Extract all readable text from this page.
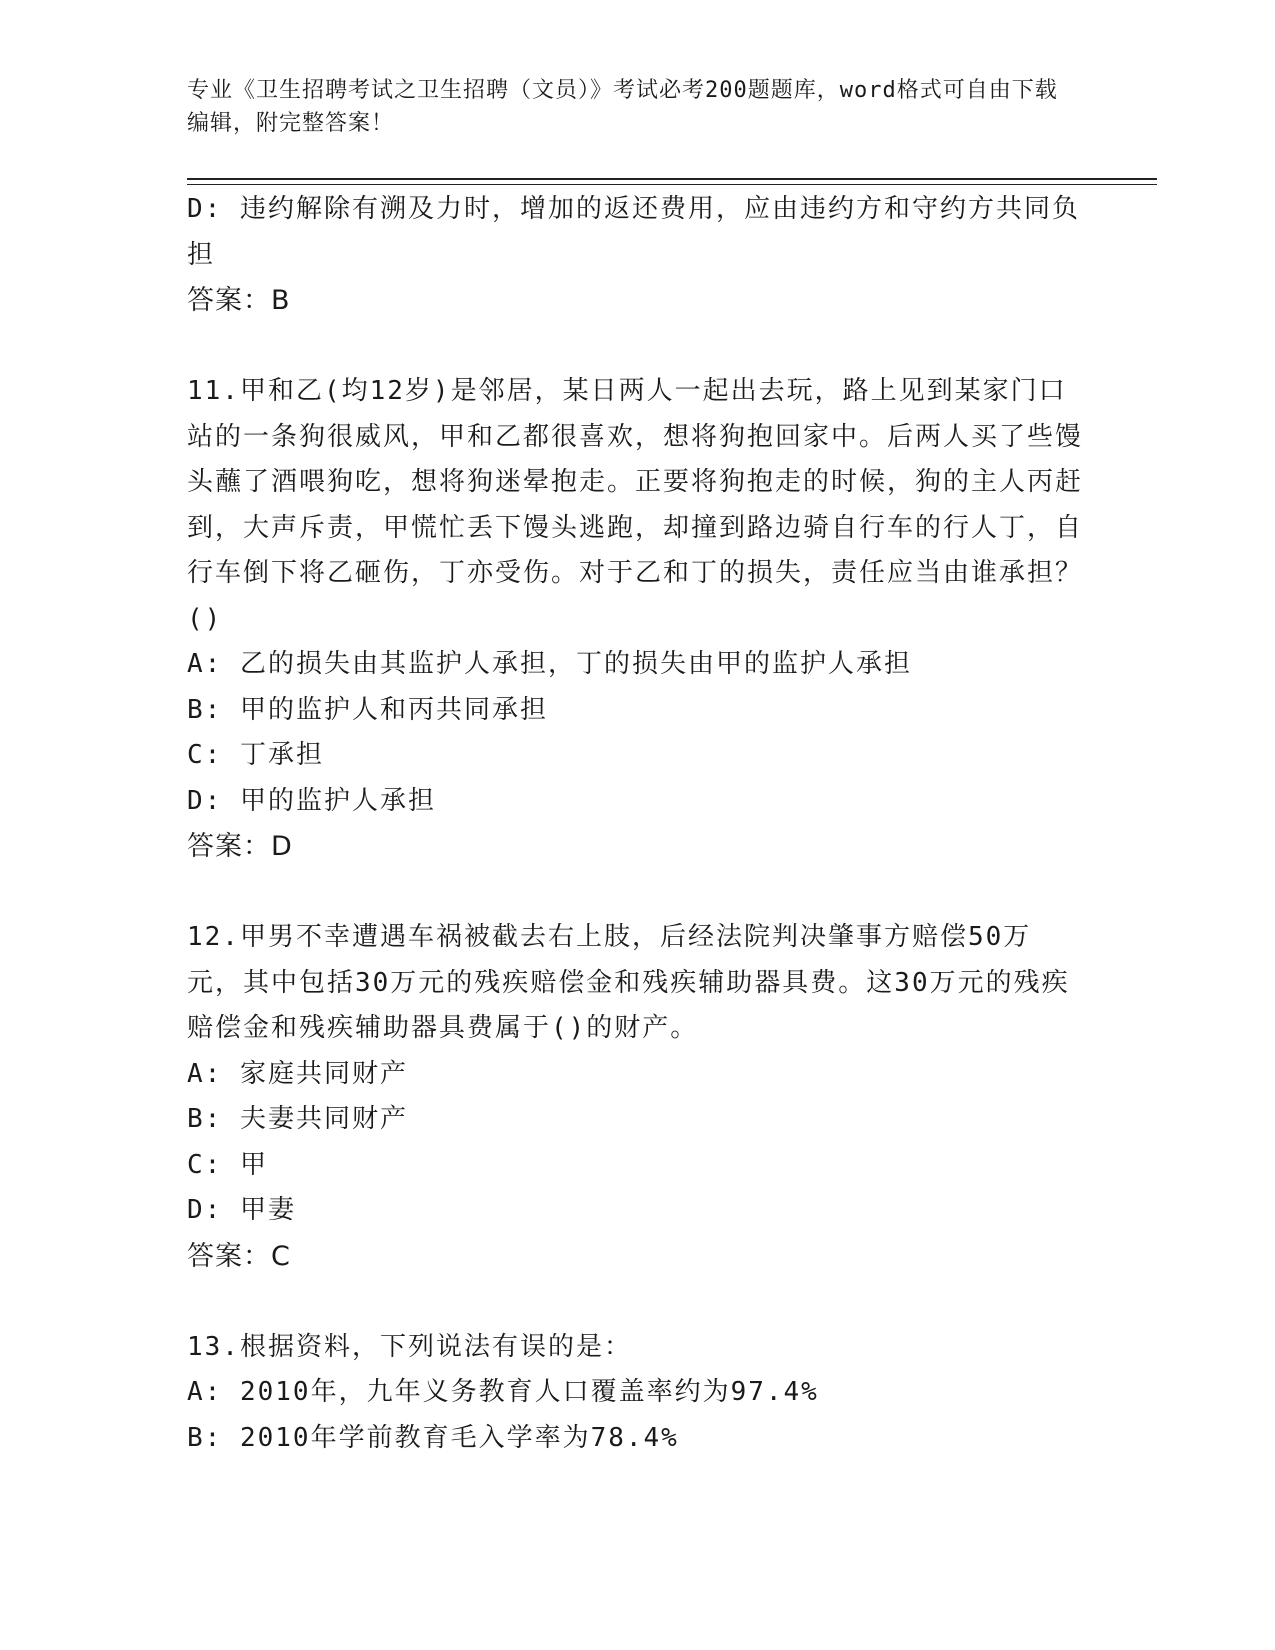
专业《卫生招聘考试之卫生招聘（文员）》考试必考200题题库，word格式可自由下载编辑，附完整答案！
D: 违约解除有溯及力时，增加的返还费用，应由违约方和守约方共同负担
答案：B
11.甲和乙(均12岁)是邻居，某日两人一起出去玩，路上见到某家门口站的一条狗很威风，甲和乙都很喜欢，想将狗抱回家中。后两人买了些馒头蘸了酒喂狗吃，想将狗迷晕抱走。正要将狗抱走的时候，狗的主人丙赶到，大声斥责，甲慌忙丢下馒头逃跑，却撞到路边骑自行车的行人丁，自行车倒下将乙砸伤，丁亦受伤。对于乙和丁的损失，责任应当由谁承担？()
A: 乙的损失由其监护人承担，丁的损失由甲的监护人承担
B: 甲的监护人和丙共同承担
C: 丁承担
D: 甲的监护人承担
答案：D
12.甲男不幸遭遇车祸被截去右上肢，后经法院判决肇事方赔偿50万元，其中包括30万元的残疾赔偿金和残疾辅助器具费。这30万元的残疾赔偿金和残疾辅助器具费属于()的财产。
A: 家庭共同财产
B: 夫妻共同财产
C: 甲
D: 甲妻
答案：C
13.根据资料，下列说法有误的是：
A: 2010年，九年义务教育人口覆盖率约为97.4%
B: 2010年学前教育毛入学率为78.4%
